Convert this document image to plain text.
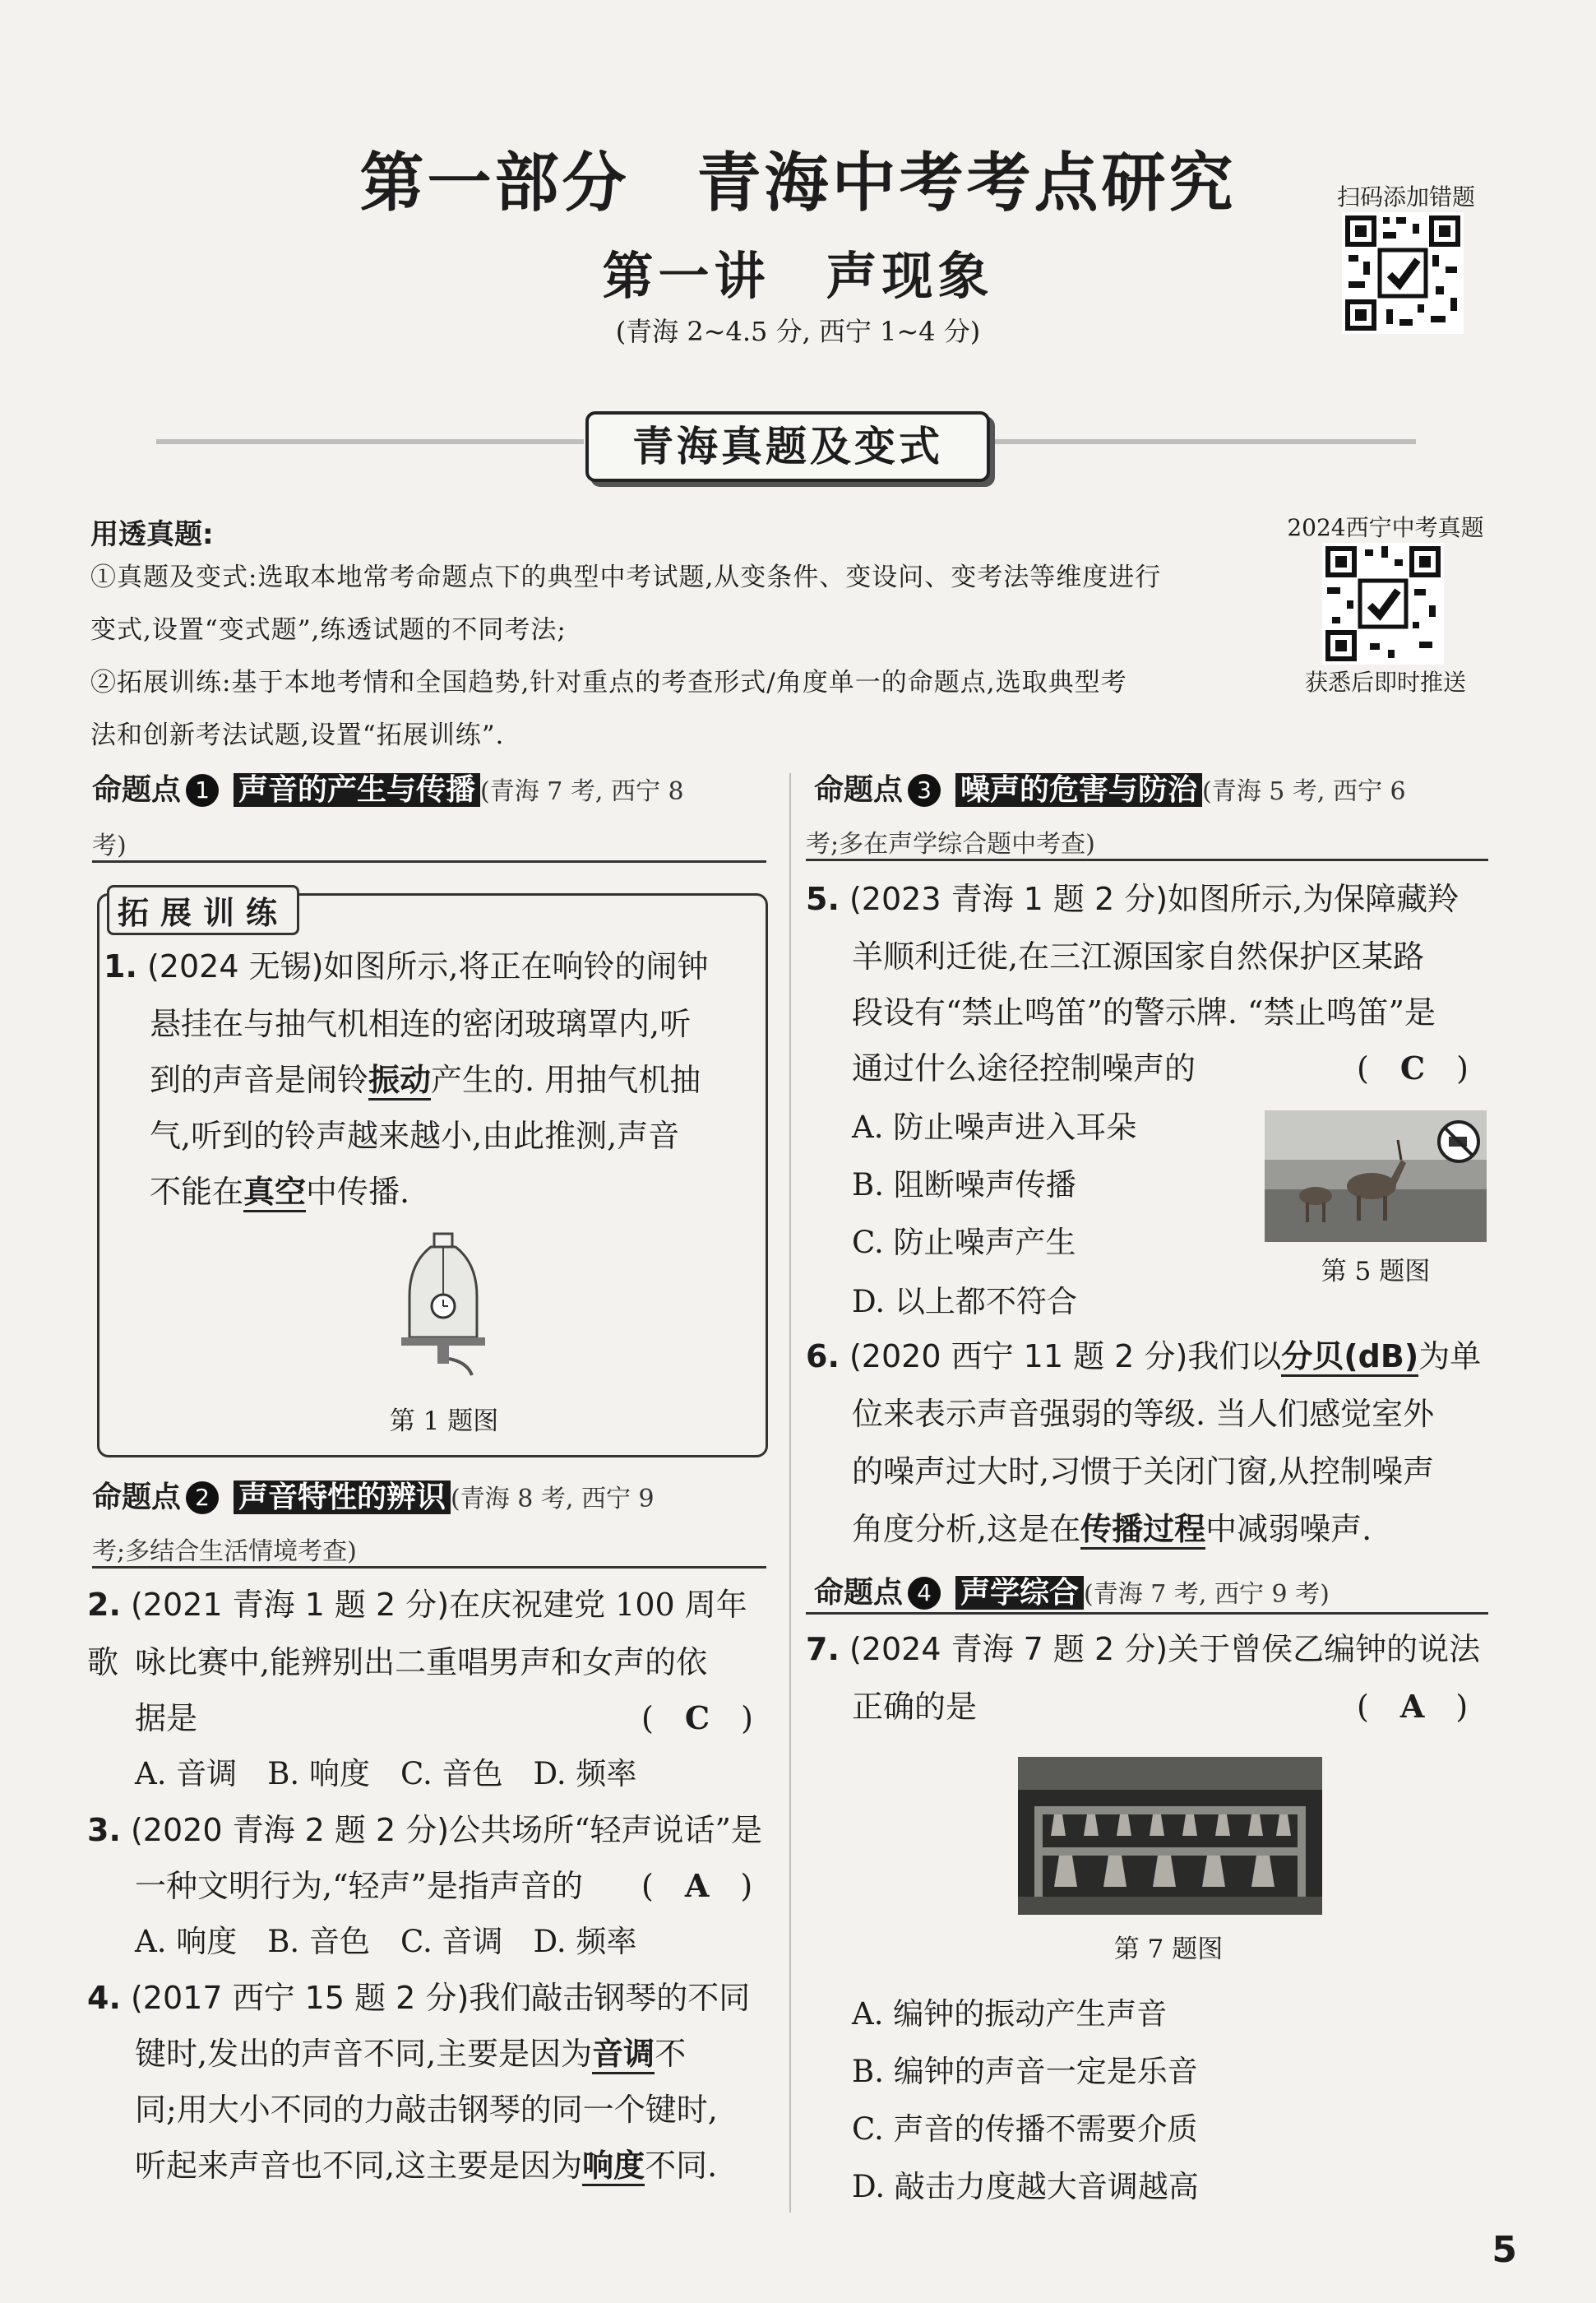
第一部分　青海中考考点研究
第一讲　声现象
(青海 2~4.5 分, 西宁 1~4 分)
扫码添加错题
青海真题及变式
用透真题:
①真题及变式:选取本地常考命题点下的典型中考试题,从变条件、变设问、变考法等维度进行
变式,设置“变式题”,练透试题的不同考法;
②拓展训练:基于本地考情和全国趋势,针对重点的考查形式/角度单一的命题点,选取典型考
法和创新考法试题,设置“拓展训练”.
2024西宁中考真题
获悉后即时推送
命题点 1 声音的产生与传播 (青海 7 考, 西宁 8
考)
拓展训练
1. (2024 无锡)如图所示,将正在响铃的闹钟
悬挂在与抽气机相连的密闭玻璃罩内,听
到的声音是闹铃振动产生的. 用抽气机抽
气,听到的铃声越来越小,由此推测,声音
不能在真空中传播.
第 1 题图
命题点 2 声音特性的辨识 (青海 8 考, 西宁 9
考;多结合生活情境考查)
2. (2021 青海 1 题 2 分)在庆祝建党 100 周年歌 咏比赛中,能辨别出二重唱男声和女声的依
据是	(　C　)
A. 音调　B. 响度　C. 音色　D. 频率
3. (2020 青海 2 题 2 分)公共场所“轻声说话”是
一种文明行为,“轻声”是指声音的 (　A　)
A. 响度　B. 音色　C. 音调　D. 频率
4. (2017 西宁 15 题 2 分)我们敲击钢琴的不同
键时,发出的声音不同,主要是因为音调不
同;用大小不同的力敲击钢琴的同一个键时,
听起来声音也不同,这主要是因为响度不同.
命题点 3 噪声的危害与防治 (青海 5 考, 西宁 6
考;多在声学综合题中考查)
5. (2023 青海 1 题 2 分)如图所示,为保障藏羚
羊顺利迁徙,在三江源国家自然保护区某路
段设有“禁止鸣笛”的警示牌. “禁止鸣笛”是
通过什么途径控制噪声的	(　C　)
A. 防止噪声进入耳朵
B. 阻断噪声传播
C. 防止噪声产生
D. 以上都不符合
第 5 题图
6. (2020 西宁 11 题 2 分)我们以分贝(dB)为单
位来表示声音强弱的等级. 当人们感觉室外
的噪声过大时,习惯于关闭门窗,从控制噪声
角度分析,这是在传播过程中减弱噪声.
命题点 4 声学综合 (青海 7 考, 西宁 9 考)
7. (2024 青海 7 题 2 分)关于曾侯乙编钟的说法
正确的是	(　A　)
第 7 题图
A. 编钟的振动产生声音
B. 编钟的声音一定是乐音
C. 声音的传播不需要介质
D. 敲击力度越大音调越高
5
